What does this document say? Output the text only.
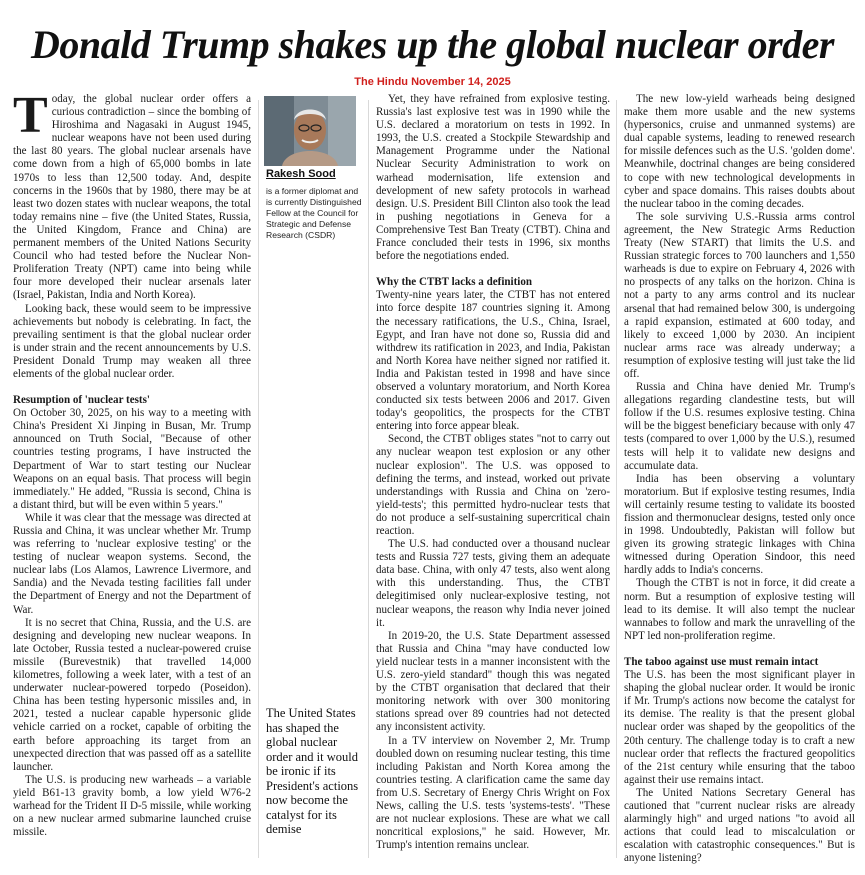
Donald Trump shakes up the global nuclear order
The Hindu November 14, 2025

Today, the global nuclear order offers a curious contradiction – since the bombing of Hiroshima and Nagasaki in August 1945, nuclear weapons have not been used during the last 80 years. The global nuclear arsenals have come down from a high of 65,000 bombs in late 1970s to less than 12,500 today. And, despite concerns in the 1960s that by 1980, there may be at least two dozen states with nuclear weapons, the total today remains nine – five (the United States, Russia, the United Kingdom, France and China) are permanent members of the United Nations Security Council who had tested before the Nuclear Non-Proliferation Treaty (NPT) came into being while four more developed their nuclear arsenals later (Israel, Pakistan, India and North Korea).

Looking back, these would seem to be impressive achievements but nobody is celebrating. In fact, the prevailing sentiment is that the global nuclear order is under strain and the recent announcements by U.S. President Donald Trump may weaken all three elements of the global nuclear order.

Resumption of 'nuclear tests'

On October 30, 2025, on his way to a meeting with China's President Xi Jinping in Busan, Mr. Trump announced on Truth Social, "Because of other countries testing programs, I have instructed the Department of War to start testing our Nuclear Weapons on an equal basis. That process will begin immediately." He added, "Russia is second, China is a distant third, but will be even within 5 years."

While it was clear that the message was directed at Russia and China, it was unclear whether Mr. Trump was referring to 'nuclear explosive testing' or the testing of nuclear weapon systems. Second, the nuclear labs (Los Alamos, Lawrence Livermore, and Sandia) and the Nevada testing facilities fall under the Department of Energy and not the Department of War.

It is no secret that China, Russia, and the U.S. are designing and developing new nuclear weapons. In late October, Russia tested a nuclear-powered cruise missile (Burevestnik) that travelled 14,000 kilometres, following a week later, with a test of an underwater nuclear-powered torpedo (Poseidon). China has been testing hypersonic missiles and, in 2021, tested a nuclear capable hypersonic glide vehicle carried on a rocket, capable of orbiting the earth before approaching its target from an unexpected direction that was passed off as a satellite launcher.

The U.S. is producing new warheads – a variable yield B61-13 gravity bomb, a low yield W76-2 warhead for the Trident II D-5 missile, while working on a new nuclear armed submarine launched cruise missile.

Rakesh Sood
is a former diplomat and is currently Distinguished Fellow at the Council for Strategic and Defense Research (CSDR)
The United States has shaped the global nuclear order and it would be ironic if its President's actions now become the catalyst for its demise

Yet, they have refrained from explosive testing. Russia's last explosive test was in 1990 while the U.S. declared a moratorium on tests in 1992. In 1993, the U.S. created a Stockpile Stewardship and Management Programme under the National Nuclear Security Administration to work on warhead modernisation, life extension and development of new safety protocols in warhead design. U.S. President Bill Clinton also took the lead in pushing negotiations in Geneva for a Comprehensive Test Ban Treaty (CTBT). China and France concluded their tests in 1996, six months before the negotiations ended.

Why the CTBT lacks a definition

Twenty-nine years later, the CTBT has not entered into force despite 187 countries signing it. Among the necessary ratifications, the U.S., China, Israel, Egypt, and Iran have not done so, Russia did and withdrew its ratification in 2023, and India, Pakistan and North Korea have neither signed nor ratified it. India and Pakistan tested in 1998 and have since observed a voluntary moratorium, and North Korea conducted six tests between 2006 and 2017. Given today's geopolitics, the prospects for the CTBT entering into force appear bleak.

Second, the CTBT obliges states "not to carry out any nuclear weapon test explosion or any other nuclear explosion". The U.S. was opposed to defining the terms, and instead, worked out private understandings with Russia and China on 'zero-yield-tests'; this permitted hydro-nuclear tests that do not produce a self-sustaining supercritical chain reaction.

The U.S. had conducted over a thousand nuclear tests and Russia 727 tests, giving them an adequate data base. China, with only 47 tests, also went along with this understanding. Thus, the CTBT delegitimised only nuclear-explosive testing, not nuclear weapons, the reason why India never joined it.

In 2019-20, the U.S. State Department assessed that Russia and China "may have conducted low yield nuclear tests in a manner inconsistent with the U.S. zero-yield standard" though this was negated by the CTBT organisation that declared that their monitoring network with over 300 monitoring stations spread over 89 countries had not detected any inconsistent activity.

In a TV interview on November 2, Mr. Trump doubled down on resuming nuclear testing, this time including Pakistan and North Korea among the countries testing. A clarification came the same day from U.S. Secretary of Energy Chris Wright on Fox News, calling the U.S. tests 'systems-tests'. "These are not nuclear explosions. These are what we call noncritical explosions," he said. However, Mr. Trump's intention remains unclear.

The new low-yield warheads being designed make them more usable and the new systems (hypersonics, cruise and unmanned systems) are dual capable systems, leading to renewed research for missile defences such as the U.S. 'golden dome'. Meanwhile, doctrinal changes are being considered to cope with new technological developments in cyber and space domains. This raises doubts about the nuclear taboo in the coming decades.

The sole surviving U.S.-Russia arms control agreement, the New Strategic Arms Reduction Treaty (New START) that limits the U.S. and Russian strategic forces to 700 launchers and 1,550 warheads is due to expire on February 4, 2026 with no prospects of any talks on the horizon. China is not a party to any arms control and its nuclear arsenal that had remained below 300, is undergoing a rapid expansion, estimated at 600 today, and likely to exceed 1,000 by 2030. An incipient nuclear arms race was already underway; a resumption of explosive testing will just take the lid off.

Russia and China have denied Mr. Trump's allegations regarding clandestine tests, but will follow if the U.S. resumes explosive testing. China will be the biggest beneficiary because with only 47 tests (compared to over 1,000 by the U.S.), resumed tests will help it to validate new designs and accumulate data.

India has been observing a voluntary moratorium. But if explosive testing resumes, India will certainly resume testing to validate its boosted fission and thermonuclear designs, tested only once in 1998. Undoubtedly, Pakistan will follow but given its growing strategic linkages with China witnessed during Operation Sindoor, this need hardly adds to India's concerns.

Though the CTBT is not in force, it did create a norm. But a resumption of explosive testing will lead to its demise. It will also tempt the nuclear wannabes to follow and mark the unravelling of the NPT led non-proliferation regime.

The taboo against use must remain intact

The U.S. has been the most significant player in shaping the global nuclear order. It would be ironic if Mr. Trump's actions now become the catalyst for its demise. The reality is that the present global nuclear order was shaped by the geopolitics of the 20th century. The challenge today is to craft a new nuclear order that reflects the fractured geopolitics of the 21st century while ensuring that the taboo against their use remains intact.

The United Nations Secretary General has cautioned that "current nuclear risks are already alarmingly high" and urged nations "to avoid all actions that could lead to miscalculation or escalation with catastrophic consequences." But is anyone listening?
